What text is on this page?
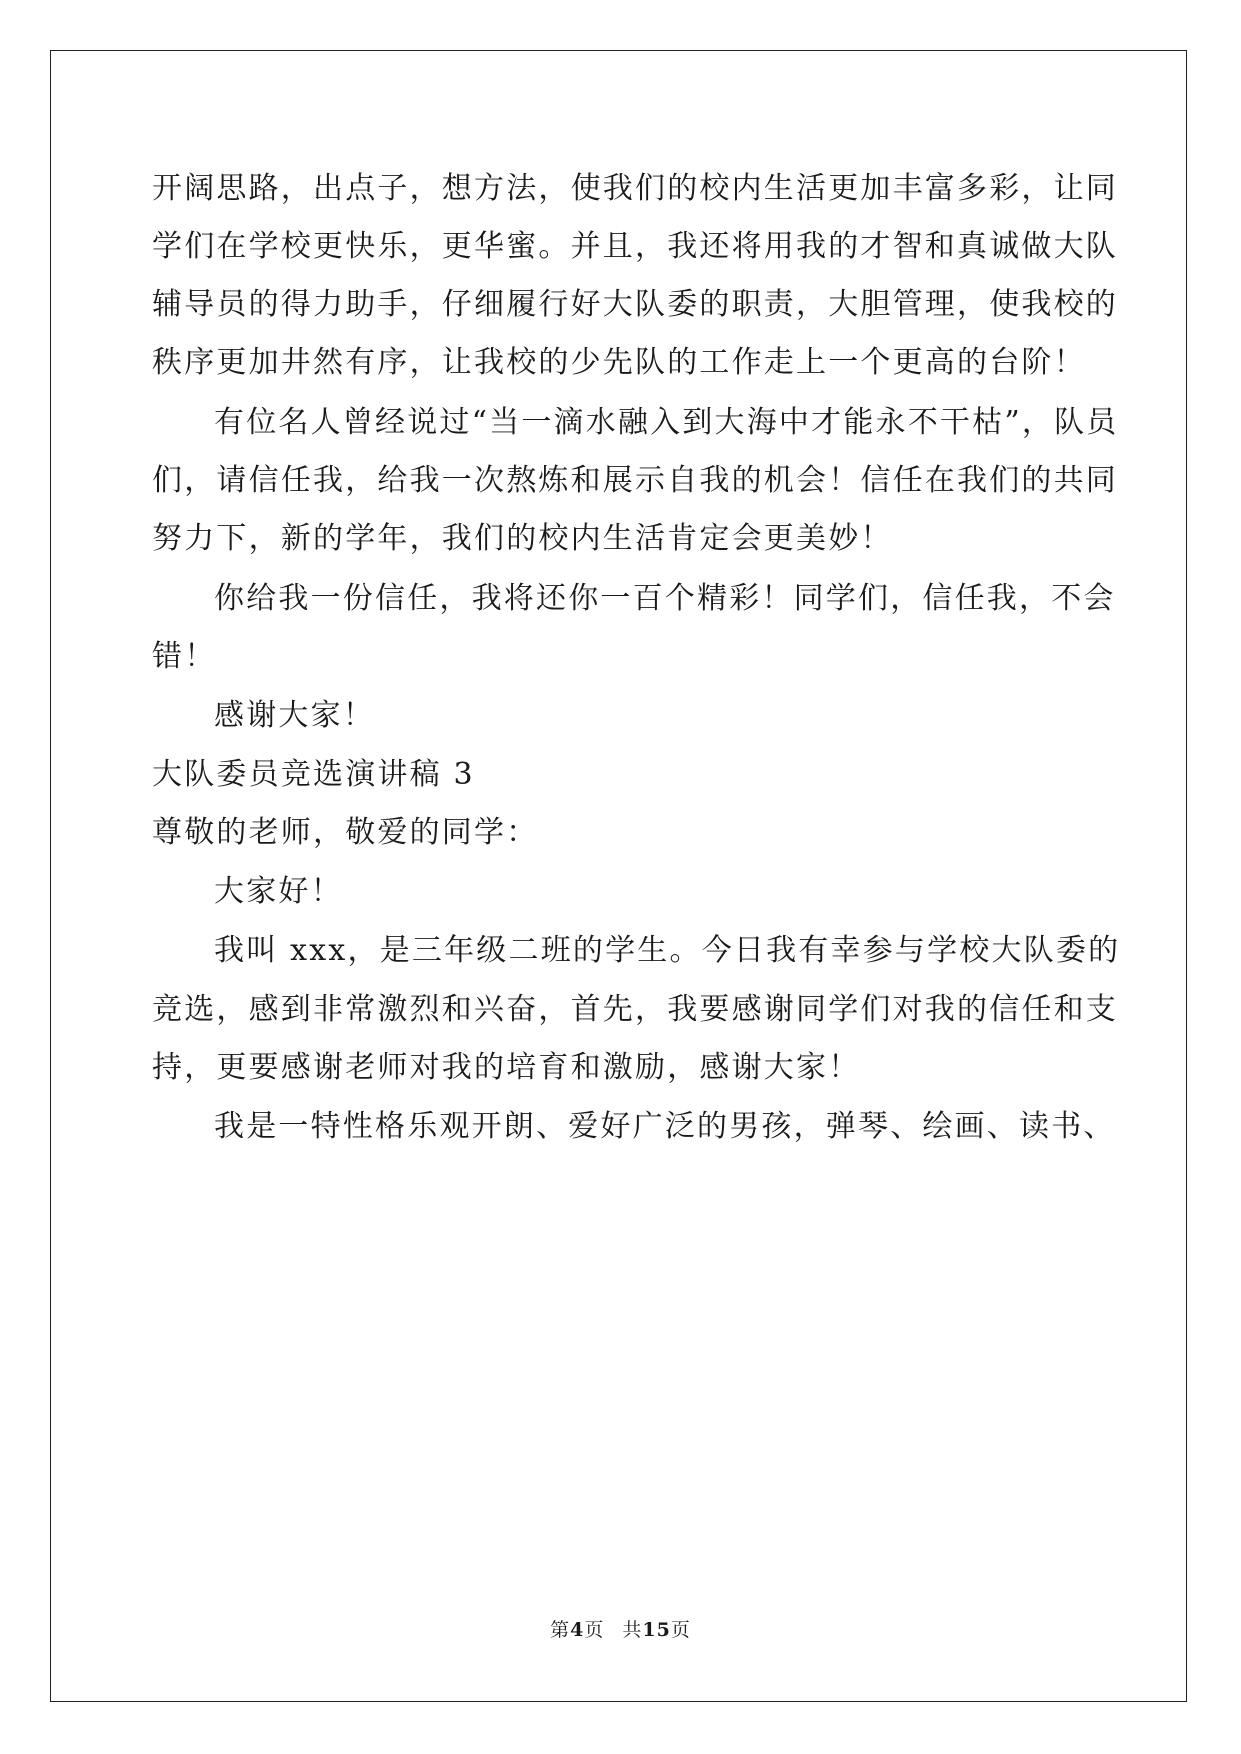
开阔思路，出点子，想方法，使我们的校内生活更加丰富多彩，让同
学们在学校更快乐，更华蜜。并且，我还将用我的才智和真诚做大队
辅导员的得力助手，仔细履行好大队委的职责，大胆管理，使我校的
秩序更加井然有序，让我校的少先队的工作走上一个更高的台阶！
有位名人曾经说过“当一滴水融入到大海中才能永不干枯”，队员
们，请信任我，给我一次熬炼和展示自我的机会！信任在我们的共同
努力下，新的学年，我们的校内生活肯定会更美妙！
你给我一份信任，我将还你一百个精彩！同学们，信任我，不会
错！
感谢大家！
大队委员竞选演讲稿 3
尊敬的老师，敬爱的同学：
大家好！
我叫 xxx，是三年级二班的学生。今日我有幸参与学校大队委的
竞选，感到非常激烈和兴奋，首先，我要感谢同学们对我的信任和支
持，更要感谢老师对我的培育和激励，感谢大家！
我是一特性格乐观开朗、爱好广泛的男孩，弹琴、绘画、读书、
第4页 共15页
